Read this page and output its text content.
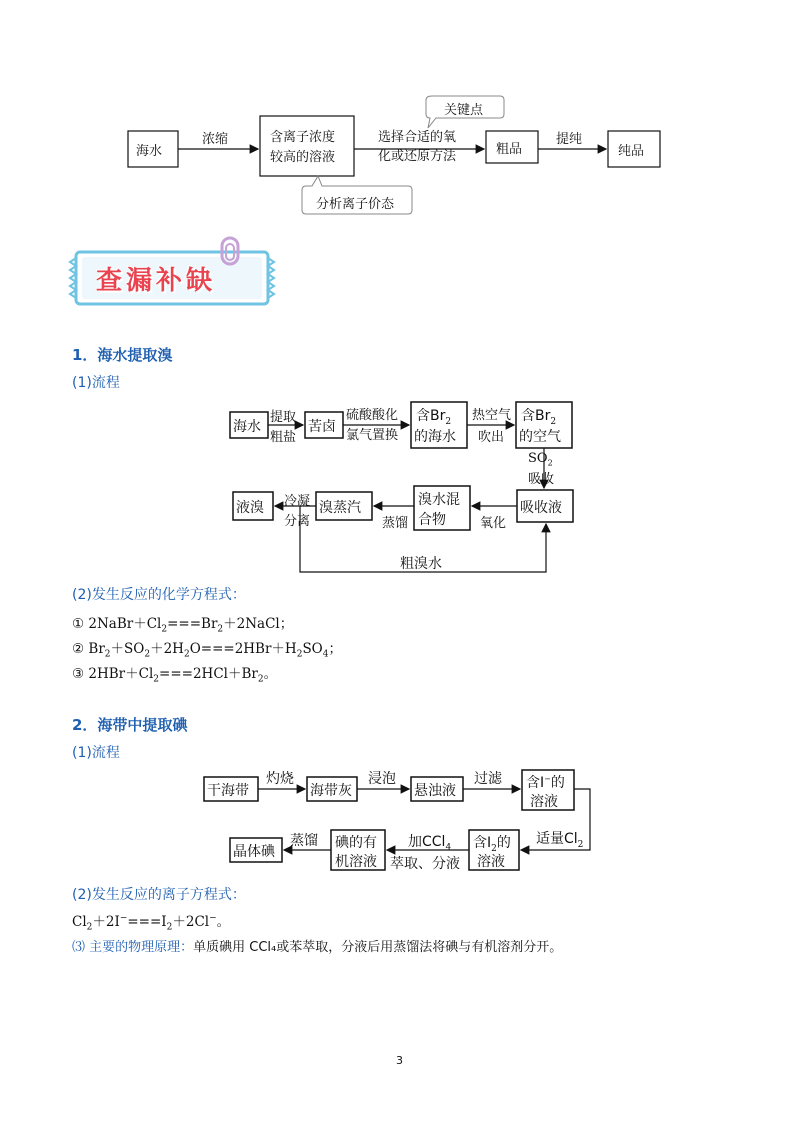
海水
浓缩	含离子浓度
较高的溶液
选择合适的氧
化或还原方法	粗品
提纯
纯品
关键点
分析离子价态
查漏补缺
1．海水提取溴
(1)流程
海水
提取
粗盐
苦卤
硫酸酸化
氯气置换
含$Br_2$
的海水
热空气
吹出
含$Br_2$
的空气
$SO_2$
吸收
吸收液
氧化
溴水混
合物
蒸馏
溴蒸汽
冷凝
分离
液溴
粗溴水
(2)发生反应的化学方程式：
① $2NaBr+Cl_2===Br_2+2NaCl$；
② $Br_2+SO_2+2H_2O===2HBr+H_2SO_4$；
③ $2HBr+Cl_2===2HCl+Br_2$。
2．海带中提取碘
(1)流程
干海带
灼烧
海带灰
浸泡
悬浊液
过滤 含I−的
溶液
适量$Cl_2$
含$I_2$的
溶液
加CCl$_4$
萃取、分液
碘的有
机溶液
蒸馏
晶体碘
(2)发生反应的离子方程式：
$Cl_2+2I^-===I_2+2Cl^-$。
⑶ 主要的物理原理：单质碘用 CCl₄或苯萃取，分液后用蒸馏法将碘与有机溶剂分开。
3
